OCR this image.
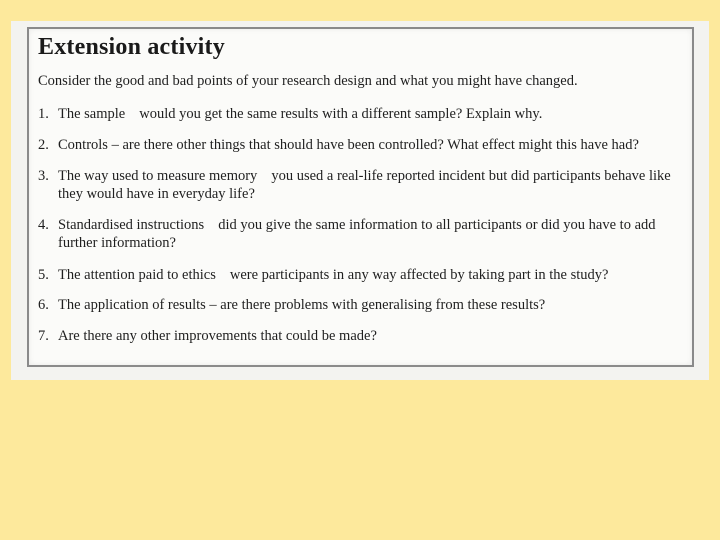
Extension activity
Consider the good and bad points of your research design and what you might have changed.
1. The sample would you get the same results with a different sample? Explain why.
2. Controls – are there other things that should have been controlled? What effect might this have had?
3. The way used to measure memory you used a real-life reported incident but did participants behave like they would have in everyday life?
4. Standardised instructions did you give the same information to all participants or did you have to add further information?
5. The attention paid to ethics were participants in any way affected by taking part in the study?
6. The application of results – are there problems with generalising from these results?
7. Are there any other improvements that could be made?
